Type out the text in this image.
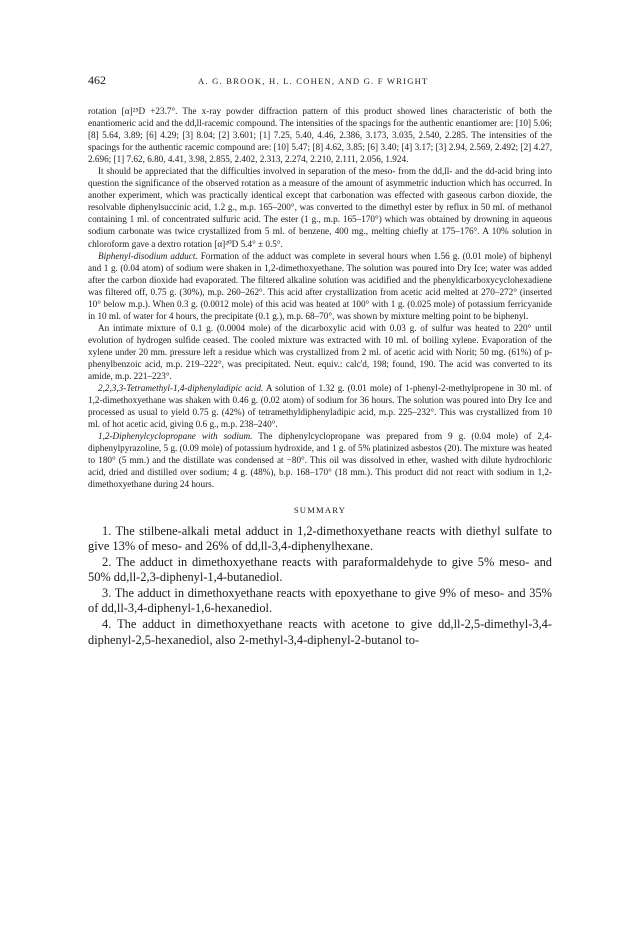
462	A. G. BROOK, H. L. COHEN, AND G. F WRIGHT

rotation [α]²⁵D +23.7°. The x-ray powder diffraction pattern of this product showed lines characteristic of both the enantiomeric acid and the dd,ll-racemic compound. The intensities of the spacings for the authentic enantiomer are: [10] 5.06; [8] 5.64, 3.89; [6] 4.29; [3] 8.04; [2] 3.601; [1] 7.25, 5.40, 4.46, 2.386, 3.173, 3.035, 2.540, 2.285. The intensities of the spacings for the authentic racemic compound are: [10] 5.47; [8] 4.62, 3.85; [6] 3.40; [4] 3.17; [3] 2.94, 2.569, 2.492; [2] 4.27, 2.696; [1] 7.62, 6.80, 4.41, 3.98, 2.855, 2.402, 2.313, 2.274, 2.210, 2.111, 2.056, 1.924.

It should be appreciated that the difficulties involved in separation of the meso- from the dd,ll- and the dd-acid bring into question the significance of the observed rotation as a measure of the amount of asymmetric induction which has occurred. In another experiment, which was practically identical except that carbonation was effected with gaseous carbon dioxide, the resolvable diphenylsuccinic acid, 1.2 g., m.p. 165–200°, was converted to the dimethyl ester by reflux in 50 ml. of methanol containing 1 ml. of concentrated sulfuric acid. The ester (1 g., m.p. 165–170°) which was obtained by drowning in aqueous sodium carbonate was twice crystallized from 5 ml. of benzene, 400 mg., melting chiefly at 175–176°. A 10% solution in chloroform gave a dextro rotation [α]²⁰D 5.4° ± 0.5°.

Biphenyl-disodium adduct. Formation of the adduct was complete in several hours when 1.56 g. (0.01 mole) of biphenyl and 1 g. (0.04 atom) of sodium were shaken in 1,2-dimethoxyethane. The solution was poured into Dry Ice; water was added after the carbon dioxide had evaporated. The filtered alkaline solution was acidified and the phenyldicarboxycyclohexadiene was filtered off, 0.75 g. (30%), m.p. 260–262°. This acid after crystallization from acetic acid melted at 270–272° (inserted 10° below m.p.). When 0.3 g. (0.0012 mole) of this acid was heated at 100° with 1 g. (0.025 mole) of potassium ferricyanide in 10 ml. of water for 4 hours, the precipitate (0.1 g.), m.p. 68–70°, was shown by mixture melting point to be biphenyl.

An intimate mixture of 0.1 g. (0.0004 mole) of the dicarboxylic acid with 0.03 g. of sulfur was heated to 220° until evolution of hydrogen sulfide ceased. The cooled mixture was extracted with 10 ml. of boiling xylene. Evaporation of the xylene under 20 mm. pressure left a residue which was crystallized from 2 ml. of acetic acid with Norit; 50 mg. (61%) of p-phenylbenzoic acid, m.p. 219–222°, was precipitated. Neut. equiv.: calc'd, 198; found, 190. The acid was converted to its amide, m.p. 221–223°.

2,2,3,3-Tetramethyl-1,4-diphenyladipic acid. A solution of 1.32 g. (0.01 mole) of 1-phenyl-2-methylpropene in 30 ml. of 1,2-dimethoxyethane was shaken with 0.46 g. (0.02 atom) of sodium for 36 hours. The solution was poured into Dry Ice and processed as usual to yield 0.75 g. (42%) of tetramethyldiphenyladipic acid, m.p. 225–232°. This was crystallized from 10 ml. of hot acetic acid, giving 0.6 g., m.p. 238–240°.

1,2-Diphenylcyclopropane with sodium. The diphenylcyclopropane was prepared from 9 g. (0.04 mole) of 2,4-diphenylpyrazoline, 5 g. (0.09 mole) of potassium hydroxide, and 1 g. of 5% platinized asbestos (20). The mixture was heated to 180° (5 mm.) and the distillate was condensed at −80°. This oil was dissolved in ether, washed with dilute hydrochloric acid, dried and distilled over sodium; 4 g. (48%), b.p. 168–170° (18 mm.). This product did not react with sodium in 1,2-dimethoxyethane during 24 hours.

SUMMARY

1. The stilbene-alkali metal adduct in 1,2-dimethoxyethane reacts with diethyl sulfate to give 13% of meso- and 26% of dd,ll-3,4-diphenylhexane.

2. The adduct in dimethoxyethane reacts with paraformaldehyde to give 5% meso- and 50% dd,ll-2,3-diphenyl-1,4-butanediol.

3. The adduct in dimethoxyethane reacts with epoxyethane to give 9% of meso- and 35% of dd,ll-3,4-diphenyl-1,6-hexanediol.

4. The adduct in dimethoxyethane reacts with acetone to give dd,ll-2,5-dimethyl-3,4-diphenyl-2,5-hexanediol, also 2-methyl-3,4-diphenyl-2-butanol to-
